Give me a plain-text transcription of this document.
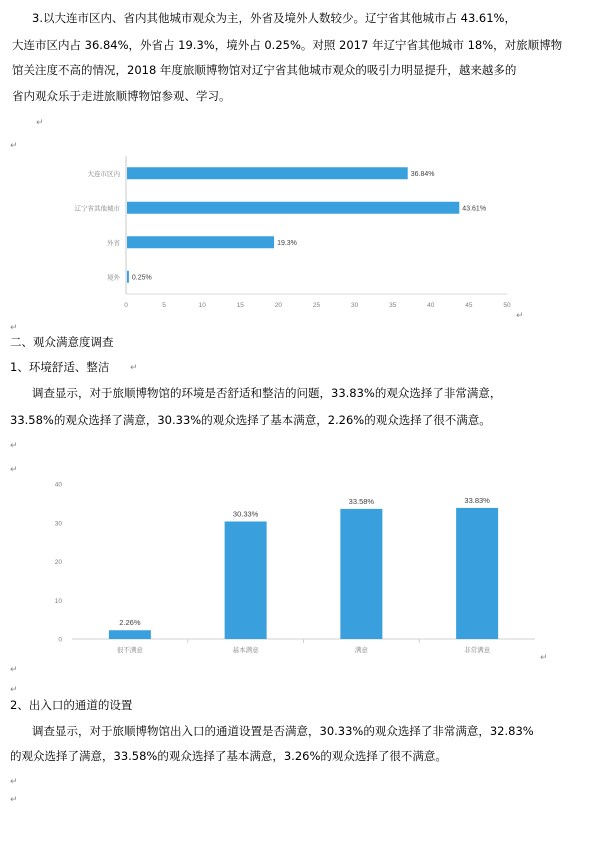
3.以大连市区内、省内其他城市观众为主，外省及境外人数较少。辽宁省其他城市占 43.61%，
大连市区内占 36.84%，外省占 19.3%，境外占 0.25%。对照 2017 年辽宁省其他城市 18%，对旅顺博物
馆关注度不高的情况，2018 年度旅顺博物馆对辽宁省其他城市观众的吸引力明显提升，越来越多的
省内观众乐于走进旅顺博物馆参观、学习。
↵
↵
0	5	10	15	20	25	30	35	40	45	50
大连市区内	36.84%
辽宁省其他城市	43.61%
外省	19.3%
境外 0.25%
↵
↵
二、观众满意度调查
1、环境舒适、整洁
↵
调查显示，对于旅顺博物馆的环境是否舒适和整洁的问题，33.83%的观众选择了非常满意，
33.58%的观众选择了满意，30.33%的观众选择了基本满意，2.26%的观众选择了很不满意。
↵
↵
0
10
20
30
40
2.26%
很不满意
30.33%
基本满意
33.58%
满意
33.83%
非常满意
↵
↵
↵
2、出入口的通道的设置
调查显示，对于旅顺博物馆出入口的通道设置是否满意，30.33%的观众选择了非常满意，32.83%
的观众选择了满意，33.58%的观众选择了基本满意，3.26%的观众选择了很不满意。
↵
↵
